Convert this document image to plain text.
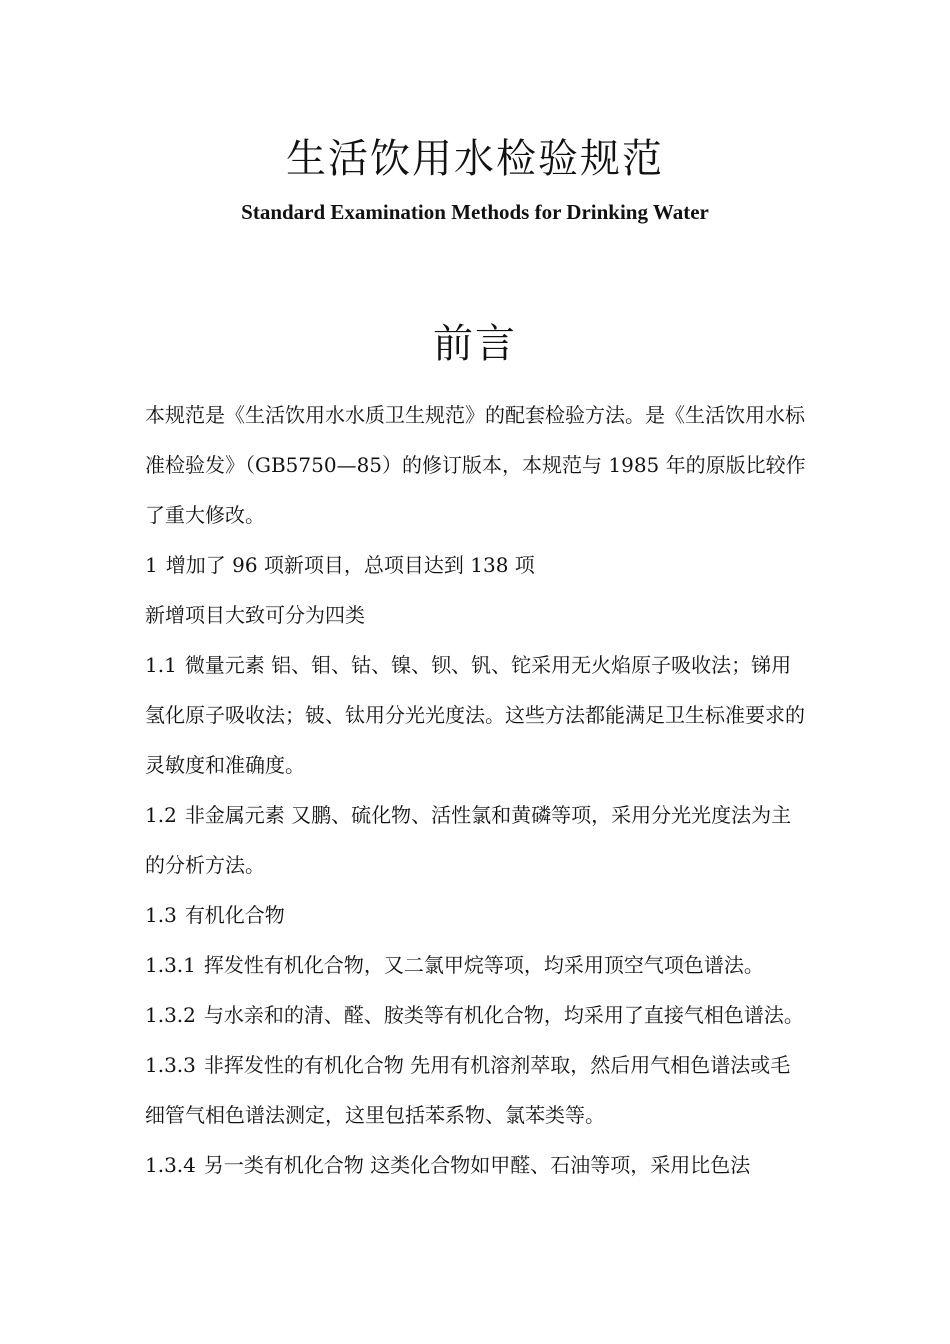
生活饮用水检验规范
Standard Examination Methods for Drinking Water
前言

本规范是《生活饮用水水质卫生规范》的配套检验方法。是《生活饮用水标准检验发》（GB5750—85）的修订版本，本规范与 1985 年的原版比较作了重大修改。

1 增加了 96 项新项目，总项目达到 138 项

新增项目大致可分为四类

1.1 微量元素 铝、钼、钴、镍、钡、钒、铊采用无火焰原子吸收法；锑用氢化原子吸收法；铍、钛用分光光度法。这些方法都能满足卫生标准要求的灵敏度和准确度。

1.2 非金属元素 又鹏、硫化物、活性氯和黄磷等项，采用分光光度法为主的分析方法。

1.3 有机化合物

1.3.1 挥发性有机化合物，又二氯甲烷等项，均采用顶空气项色谱法。

1.3.2 与水亲和的清、醛、胺类等有机化合物，均采用了直接气相色谱法。

1.3.3 非挥发性的有机化合物 先用有机溶剂萃取，然后用气相色谱法或毛细管气相色谱法测定，这里包括苯系物、氯苯类等。

1.3.4 另一类有机化合物 这类化合物如甲醛、石油等项，采用比色法
